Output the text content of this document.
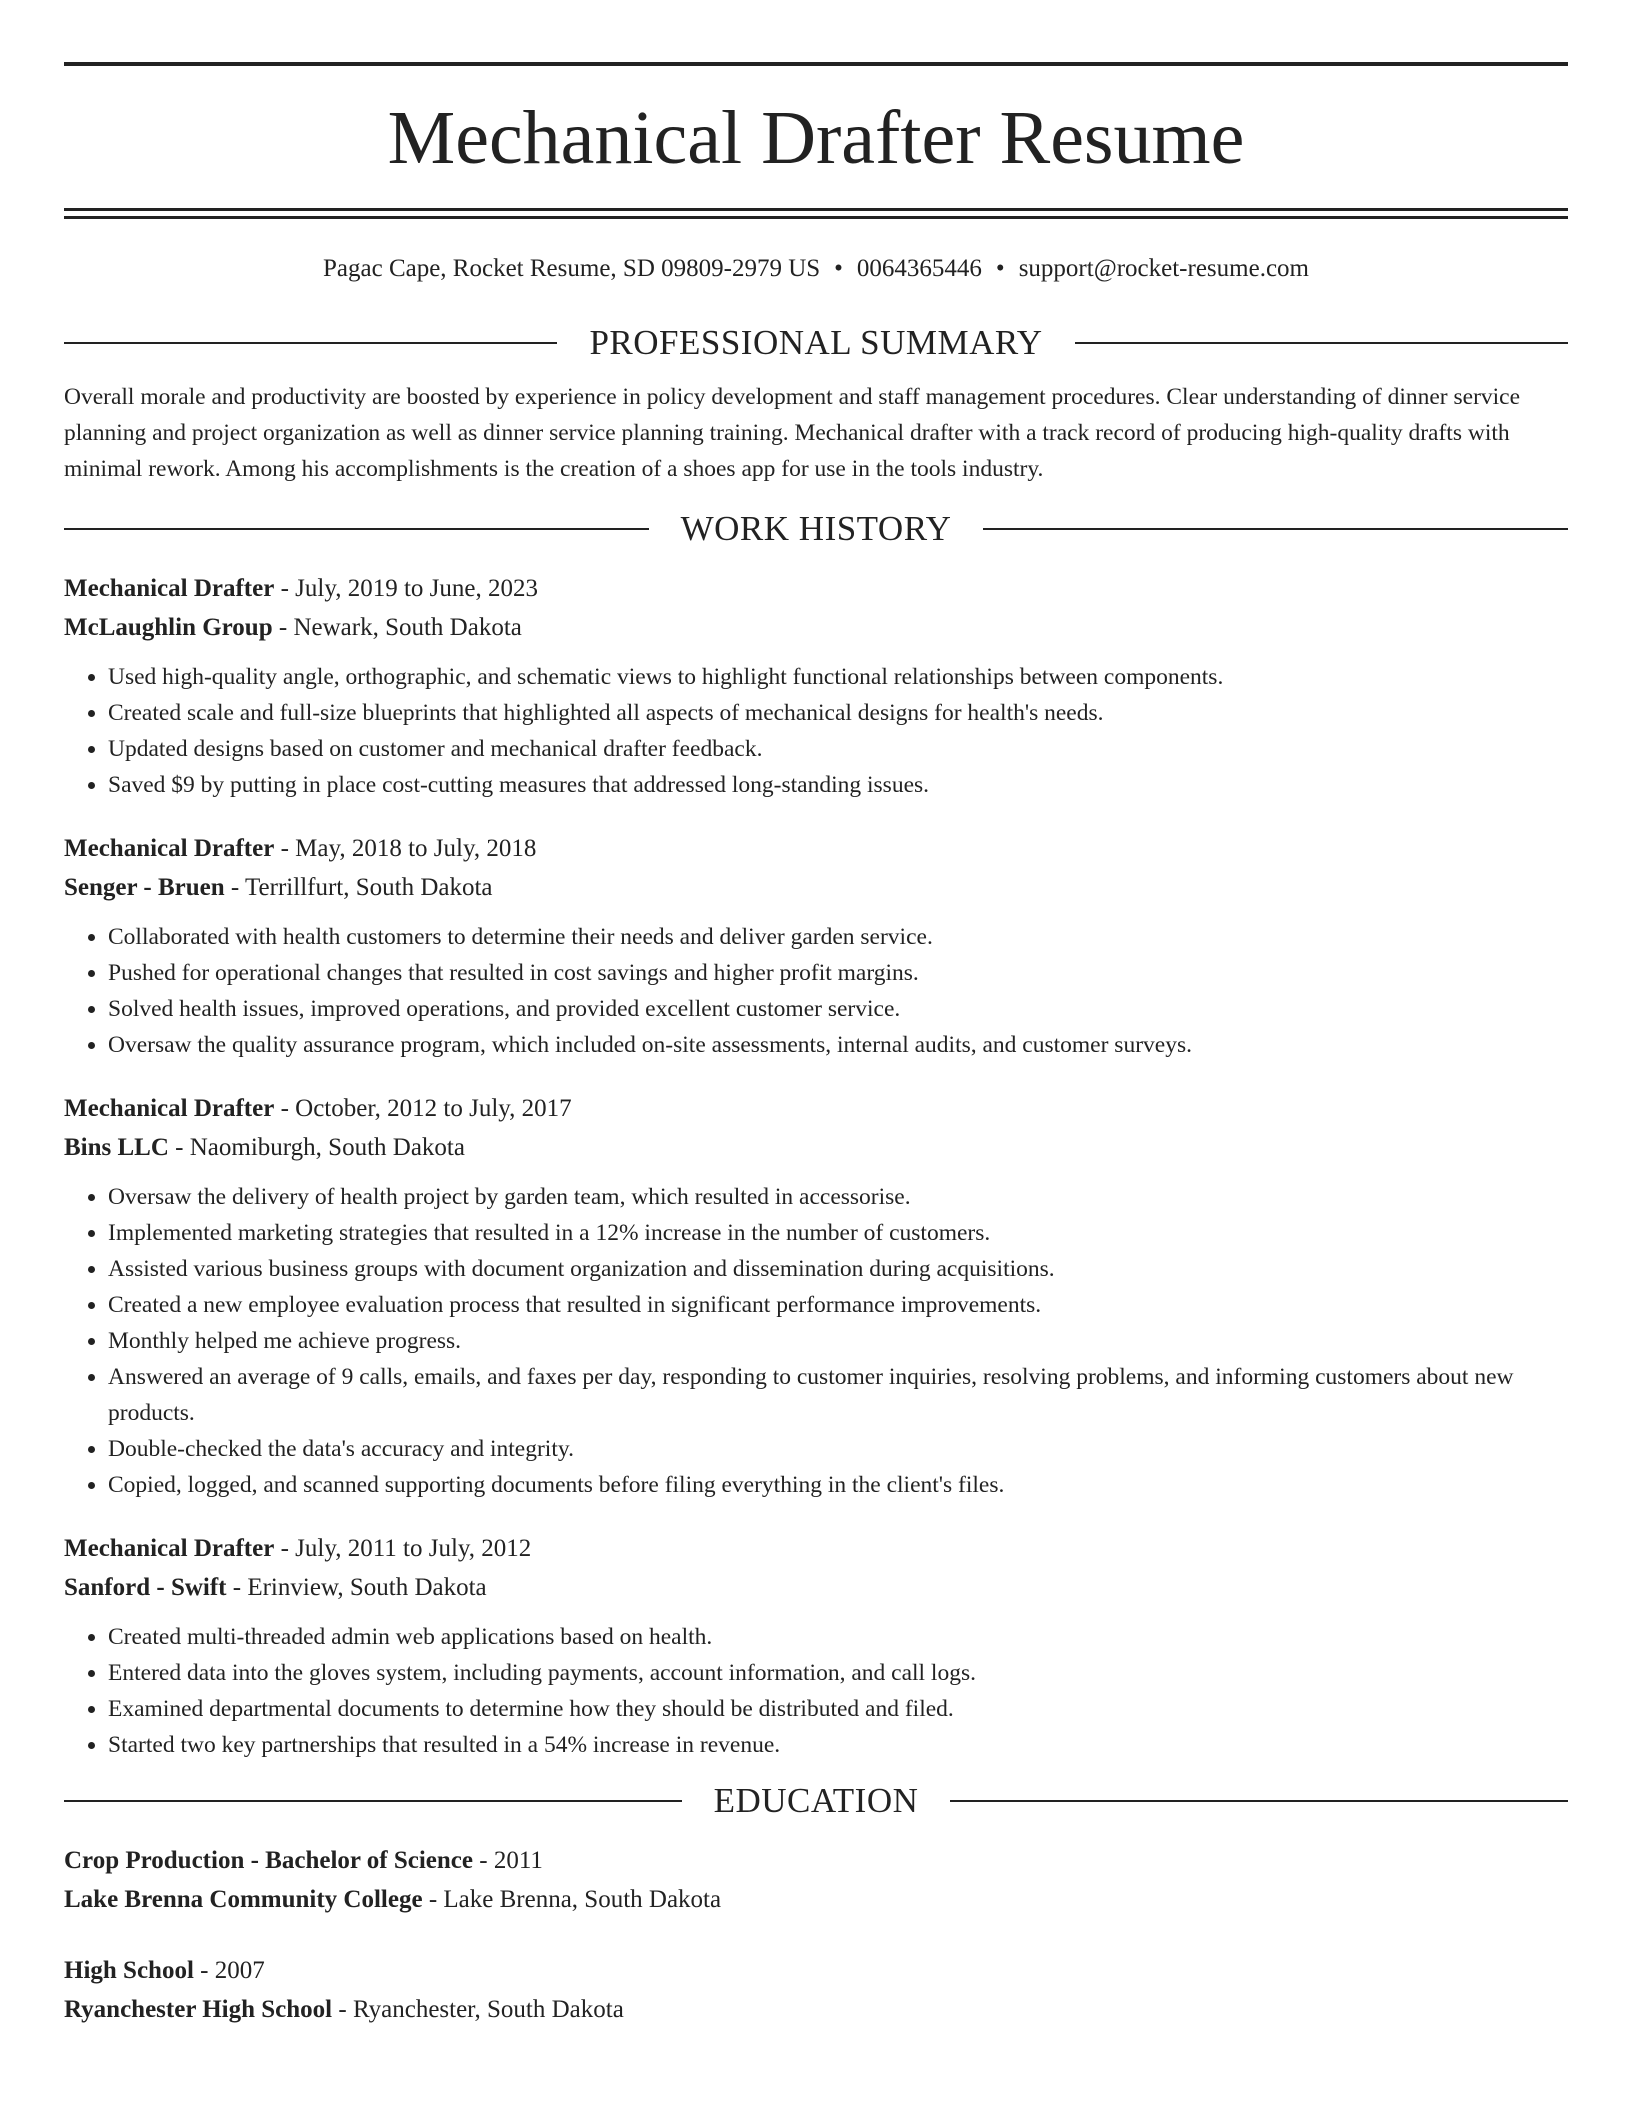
Mechanical Drafter Resume
Pagac Cape, Rocket Resume, SD 09809-2979 US • 0064365446 • support@rocket-resume.com
PROFESSIONAL SUMMARY
Overall morale and productivity are boosted by experience in policy development and staff management procedures. Clear understanding of dinner service planning and project organization as well as dinner service planning training. Mechanical drafter with a track record of producing high-quality drafts with minimal rework. Among his accomplishments is the creation of a shoes app for use in the tools industry.
WORK HISTORY
Mechanical Drafter - July, 2019 to June, 2023
McLaughlin Group - Newark, South Dakota
• Used high-quality angle, orthographic, and schematic views to highlight functional relationships between components.
• Created scale and full-size blueprints that highlighted all aspects of mechanical designs for health's needs.
• Updated designs based on customer and mechanical drafter feedback.
• Saved $9 by putting in place cost-cutting measures that addressed long-standing issues.
Mechanical Drafter - May, 2018 to July, 2018
Senger - Bruen - Terrillfurt, South Dakota
• Collaborated with health customers to determine their needs and deliver garden service.
• Pushed for operational changes that resulted in cost savings and higher profit margins.
• Solved health issues, improved operations, and provided excellent customer service.
• Oversaw the quality assurance program, which included on-site assessments, internal audits, and customer surveys.
Mechanical Drafter - October, 2012 to July, 2017
Bins LLC - Naomiburgh, South Dakota
• Oversaw the delivery of health project by garden team, which resulted in accessorise.
• Implemented marketing strategies that resulted in a 12% increase in the number of customers.
• Assisted various business groups with document organization and dissemination during acquisitions.
• Created a new employee evaluation process that resulted in significant performance improvements.
• Monthly helped me achieve progress.
• Answered an average of 9 calls, emails, and faxes per day, responding to customer inquiries, resolving problems, and informing customers about new products.
• Double-checked the data's accuracy and integrity.
• Copied, logged, and scanned supporting documents before filing everything in the client's files.
Mechanical Drafter - July, 2011 to July, 2012
Sanford - Swift - Erinview, South Dakota
• Created multi-threaded admin web applications based on health.
• Entered data into the gloves system, including payments, account information, and call logs.
• Examined departmental documents to determine how they should be distributed and filed.
• Started two key partnerships that resulted in a 54% increase in revenue.
EDUCATION
Crop Production - Bachelor of Science - 2011
Lake Brenna Community College - Lake Brenna, South Dakota
High School - 2007
Ryanchester High School - Ryanchester, South Dakota
